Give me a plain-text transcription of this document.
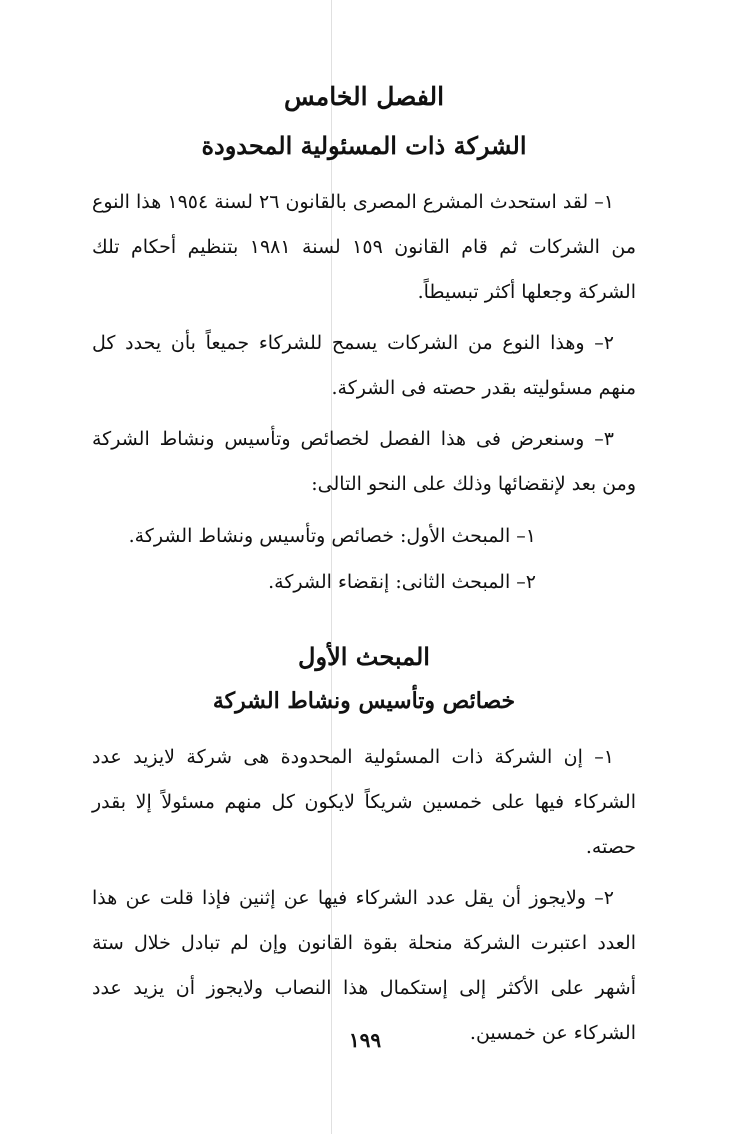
الفصل الخامس
الشركة ذات المسئولية المحدودة

١– لقد استحدث المشرع المصرى بالقانون ٢٦ لسنة ١٩٥٤ هذا النوع من الشركات ثم قام القانون ١٥٩ لسنة ١٩٨١ بتنظيم أحكام تلك الشركة وجعلها أكثر تبسيطاً.

٢– وهذا النوع من الشركات يسمح للشركاء جميعاً بأن يحدد كل منهم مسئوليته بقدر حصته فى الشركة.

٣– وسنعرض فى هذا الفصل لخصائص وتأسيس ونشاط الشركة ومن بعد لإنقضائها وذلك على النحو التالى:

١– المبحث الأول: خصائص وتأسيس ونشاط الشركة.

٢– المبحث الثانى: إنقضاء الشركة.

المبحث الأول
خصائص وتأسيس ونشاط الشركة

١– إن الشركة ذات المسئولية المحدودة هى شركة لايزيد عدد الشركاء فيها على خمسين شريكاً لايكون كل منهم مسئولاً إلا بقدر حصته.

٢– ولايجوز أن يقل عدد الشركاء فيها عن إثنين فإذا قلت عن هذا العدد اعتبرت الشركة منحلة بقوة القانون وإن لم تبادل خلال ستة أشهر على الأكثر إلى إستكمال هذا النصاب ولايجوز أن يزيد عدد الشركاء عن خمسين.

١٩٩
